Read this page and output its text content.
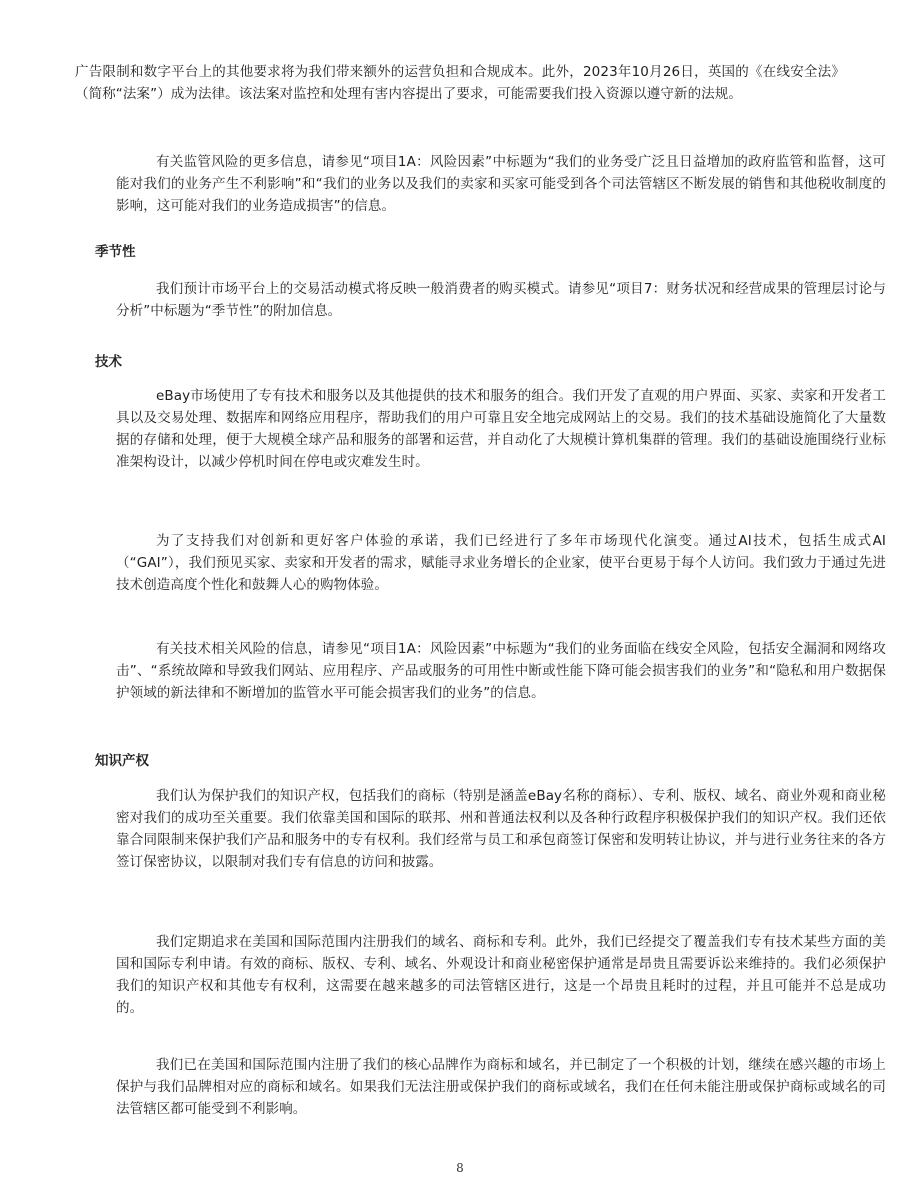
广告限制和数字平台上的其他要求将为我们带来额外的运营负担和合规成本。此外，2023年10月26日，英国的《在线安全法》（简称“法案”）成为法律。该法案对监控和处理有害内容提出了要求，可能需要我们投入资源以遵守新的法规。

有关监管风险的更多信息，请参见“项目1A：风险因素”中标题为“我们的业务受广泛且日益增加的政府监管和监督，这可能对我们的业务产生不利影响”和“我们的业务以及我们的卖家和买家可能受到各个司法管辖区不断发展的销售和其他税收制度的影响，这可能对我们的业务造成损害”的信息。

季节性

我们预计市场平台上的交易活动模式将反映一般消费者的购买模式。请参见“项目7：财务状况和经营成果的管理层讨论与分析”中标题为“季节性”的附加信息。

技术

eBay市场使用了专有技术和服务以及其他提供的技术和服务的组合。我们开发了直观的用户界面、买家、卖家和开发者工具以及交易处理、数据库和网络应用程序，帮助我们的用户可靠且安全地完成网站上的交易。我们的技术基础设施简化了大量数据的存储和处理，便于大规模全球产品和服务的部署和运营，并自动化了大规模计算机集群的管理。我们的基础设施围绕行业标准架构设计，以减少停机时间在停电或灾难发生时。

为了支持我们对创新和更好客户体验的承诺，我们已经进行了多年市场现代化演变。通过AI技术，包括生成式AI（“GAI”），我们预见买家、卖家和开发者的需求，赋能寻求业务增长的企业家，使平台更易于每个人访问。我们致力于通过先进技术创造高度个性化和鼓舞人心的购物体验。

有关技术相关风险的信息，请参见“项目1A：风险因素”中标题为“我们的业务面临在线安全风险，包括安全漏洞和网络攻击”、“系统故障和导致我们网站、应用程序、产品或服务的可用性中断或性能下降可能会损害我们的业务”和“隐私和用户数据保护领域的新法律和不断增加的监管水平可能会损害我们的业务”的信息。

知识产权

我们认为保护我们的知识产权，包括我们的商标（特别是涵盖eBay名称的商标）、专利、版权、域名、商业外观和商业秘密对我们的成功至关重要。我们依靠美国和国际的联邦、州和普通法权利以及各种行政程序积极保护我们的知识产权。我们还依靠合同限制来保护我们产品和服务中的专有权利。我们经常与员工和承包商签订保密和发明转让协议，并与进行业务往来的各方签订保密协议，以限制对我们专有信息的访问和披露。

我们定期追求在美国和国际范围内注册我们的域名、商标和专利。此外，我们已经提交了覆盖我们专有技术某些方面的美国和国际专利申请。有效的商标、版权、专利、域名、外观设计和商业秘密保护通常是昂贵且需要诉讼来维持的。我们必须保护我们的知识产权和其他专有权利，这需要在越来越多的司法管辖区进行，这是一个昂贵且耗时的过程，并且可能并不总是成功的。

我们已在美国和国际范围内注册了我们的核心品牌作为商标和域名，并已制定了一个积极的计划，继续在感兴趣的市场上保护与我们品牌相对应的商标和域名。如果我们无法注册或保护我们的商标或域名，我们在任何未能注册或保护商标或域名的司法管辖区都可能受到不利影响。

8
